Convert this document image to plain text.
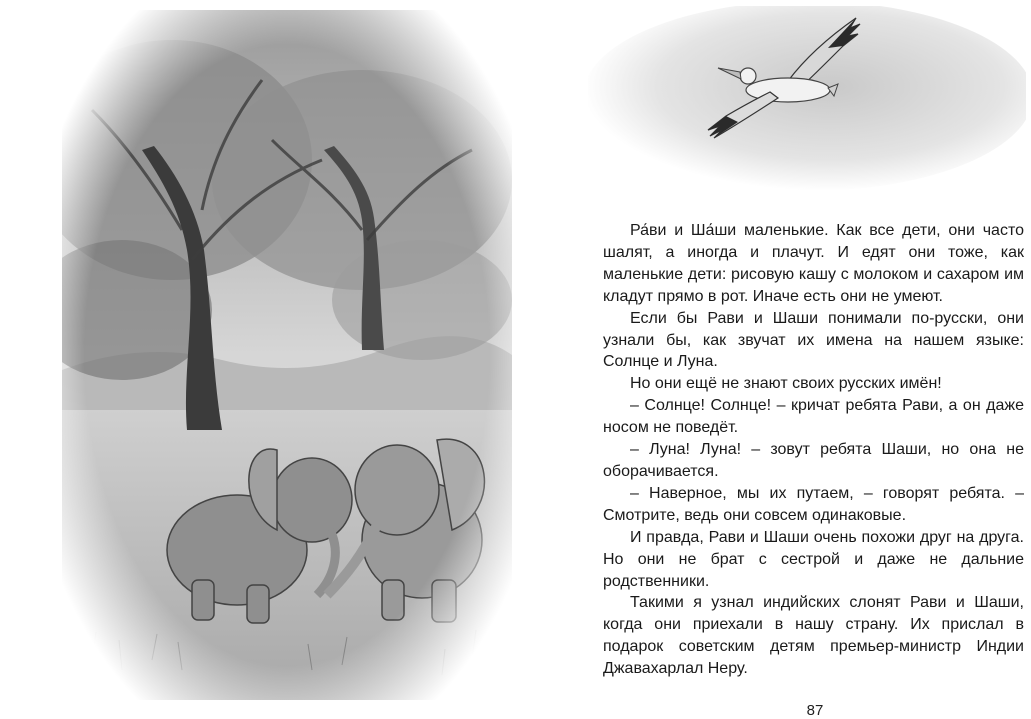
Ра́ви и Ша́ши маленькие. Как все дети, они часто шалят, а иногда и плачут. И едят они тоже, как маленькие дети: рисовую кашу с молоком и сахаром им кладут прямо в рот. Иначе есть они не умеют.

Если бы Рави и Шаши понимали по-русски, они узнали бы, как звучат их имена на нашем языке: Солнце и Луна.

Но они ещё не знают своих русских имён!

– Солнце! Солнце! – кричат ребята Рави, а он даже носом не поведёт.

– Луна! Луна! – зовут ребята Шаши, но она не оборачивается.

– Наверное, мы их путаем, – говорят ребята. – Смотрите, ведь они совсем одинаковые.

И правда, Рави и Шаши очень похожи друг на друга. Но они не брат с сестрой и даже не дальние родственники.

Такими я узнал индийских слонят Рави и Шаши, когда они приехали в нашу страну. Их прислал в подарок советским детям премьер-министр Индии Джавахарлал Неру.

87
